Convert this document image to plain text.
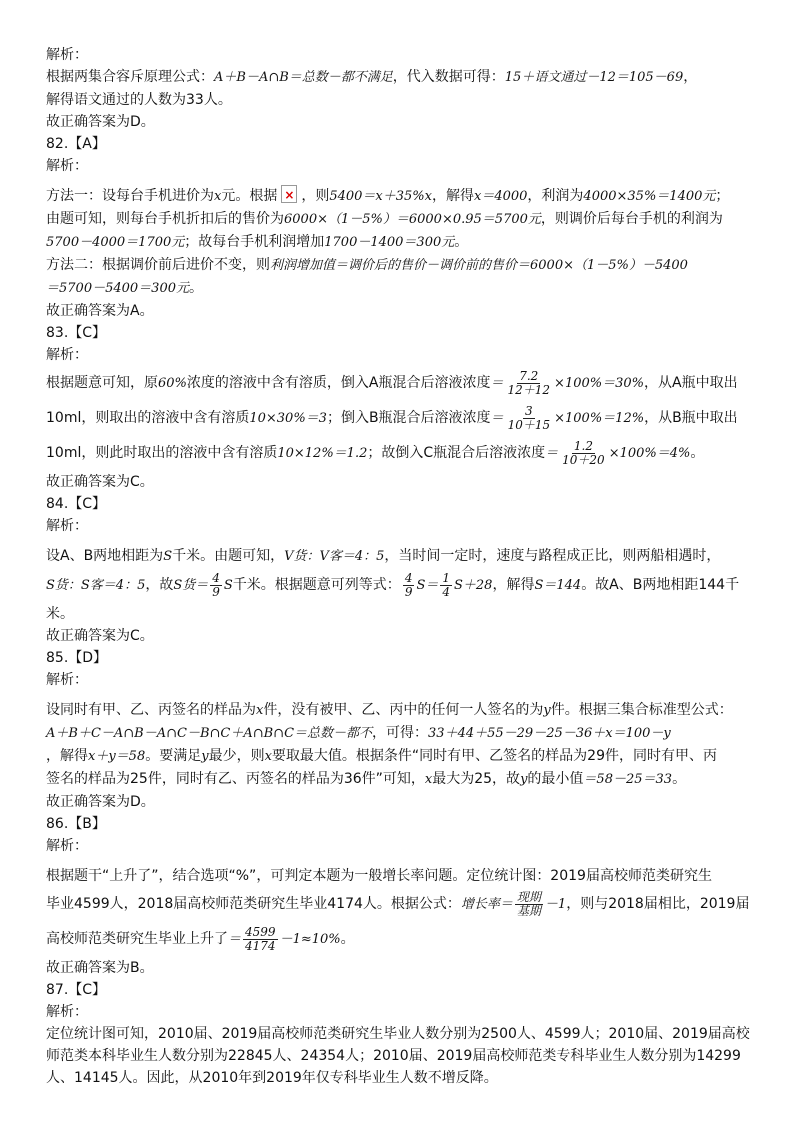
解析：

根据两集合容斥原理公式：A＋B－A∩B＝总数－都不满足，代入数据可得：15＋语文通过－12＝105－69，

解得语文通过的人数为33人。

故正确答案为D。

82.【A】

解析：

方法一：设每台手机进价为x元。根据× ，则5400＝x＋35%x，解得x＝4000，利润为4000×35%＝1400元；

由题可知，则每台手机折扣后的售价为6000×（1－5%）＝6000×0.95＝5700元，则调价后每台手机的利润为

5700－4000＝1700元；故每台手机利润增加1700－1400＝300元。

方法二：根据调价前后进价不变，则利润增加值＝调价后的售价－调价前的售价＝6000×（1－5%）－5400

＝5700－5400＝300元。

故正确答案为A。

83.【C】

解析：

根据题意可知，原60%浓度的溶液中含有溶质，倒入A瓶混合后溶液浓度＝ $\frac{7.2}{12+12} \times 100\%=30\%$，从A瓶中取出

10ml，则取出的溶液中含有溶质10×30%＝3；倒入B瓶混合后溶液浓度＝ $\frac{3}{10+15} \times 100\%=12\%$，从B瓶中取出

10ml，则此时取出的溶液中含有溶质10×12%＝1.2；故倒入C瓶混合后溶液浓度＝ $\frac{1.2}{10+20} \times 100\%=4\%$。

故正确答案为C。

84.【C】

解析：

设A、B两地相距为S千米。由题可知，V货：V客＝4：5，当时间一定时，速度与路程成正比，则两船相遇时，

S货：S客＝4：5，故S货＝ $\frac{4}{9}$ S千米。根据题意可列等式： $\frac{4}{9} S= \frac{1}{4} S+28$，解得S＝144。故A、B两地相距144千

米。

故正确答案为C。

85.【D】

解析：

设同时有甲、乙、丙签名的样品为x件，没有被甲、乙、丙中的任何一人签名的为y件。根据三集合标准型公式：

A＋B＋C－A∩B－A∩C－B∩C＋A∩B∩C＝总数－都不，可得：33＋44＋55－29－25－36＋x＝100－y

，解得x＋y＝58。要满足y最少，则x要取最大值。根据条件“同时有甲、乙签名的样品为29件，同时有甲、丙

签名的样品为25件，同时有乙、丙签名的样品为36件”可知，x最大为25，故y的最小值＝58－25＝33。

故正确答案为D。

86.【B】

解析：

根据题干“上升了”，结合选项“%”，可判定本题为一般增长率问题。定位统计图：2019届高校师范类研究生

毕业4599人，2018届高校师范类研究生毕业4174人。根据公式：增长率＝ $\frac{\text{现期}}{\text{基期}} -1$，则与2018届相比，2019届

高校师范类研究生毕业上升了＝ $\frac{4599}{4174} -1\approx 10\%$。

故正确答案为B。

87.【C】

解析：

定位统计图可知，2010届、2019届高校师范类研究生毕业人数分别为2500人、4599人；2010届、2019届高校

师范类本科毕业生人数分别为22845人、24354人；2010届、2019届高校师范类专科毕业生人数分别为14299

人、14145人。因此，从2010年到2019年仅专科毕业生人数不增反降。
